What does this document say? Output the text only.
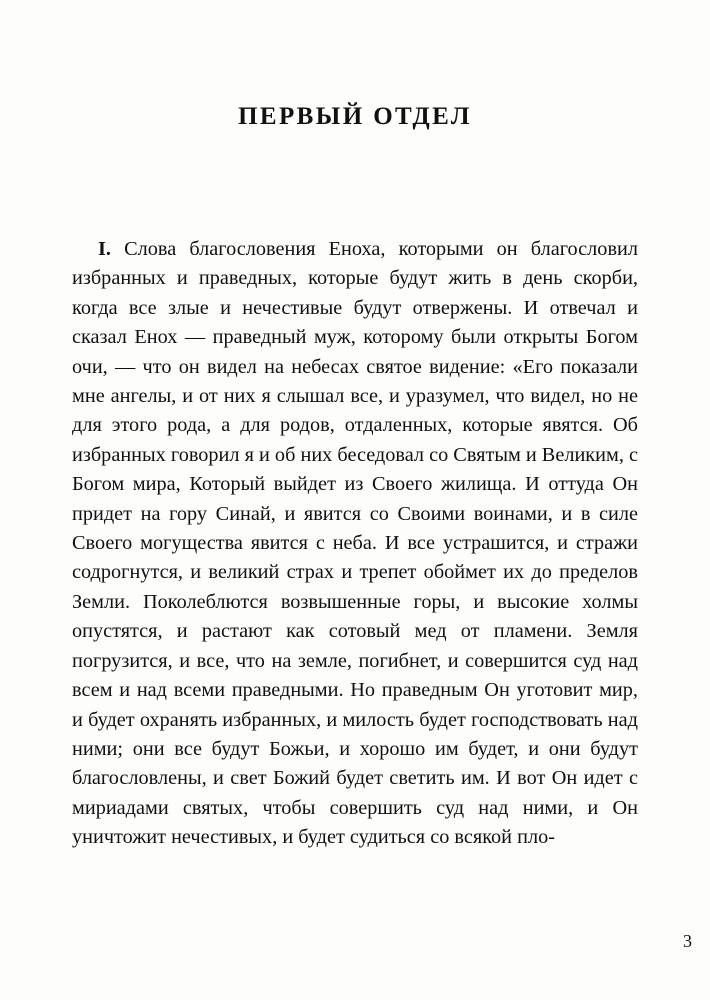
ПЕРВЫЙ ОТДЕЛ

I. Слова благословения Еноха, которыми он благословил избранных и праведных, которые будут жить в день скорби, когда все злые и нечестивые будут отвержены. И отвечал и сказал Енох — праведный муж, которому были открыты Богом очи, — что он видел на небесах святое видение: «Его показали мне ангелы, и от них я слышал все, и уразумел, что видел, но не для этого рода, а для родов, отдаленных, которые явятся. Об избранных говорил я и об них беседовал со Святым и Великим, с Богом мира, Который выйдет из Своего жилища. И оттуда Он придет на гору Синай, и явится со Своими воинами, и в силе Своего могущества явится с неба. И все устрашится, и стражи содрогнутся, и великий страх и трепет обоймет их до пределов Земли. Поколеблются возвышенные горы, и высокие холмы опустятся, и растают как сотовый мед от пламени. Земля погрузится, и все, что на земле, погибнет, и совершится суд над всем и над всеми праведными. Но праведным Он уготовит мир, и будет охранять избранных, и милость будет господствовать над ними; они все будут Божьи, и хорошо им будет, и они будут благословлены, и свет Божий будет светить им. И вот Он идет с мириадами святых, чтобы совершить суд над ними, и Он уничтожит нечестивых, и будет судиться со всякой пло-

3
